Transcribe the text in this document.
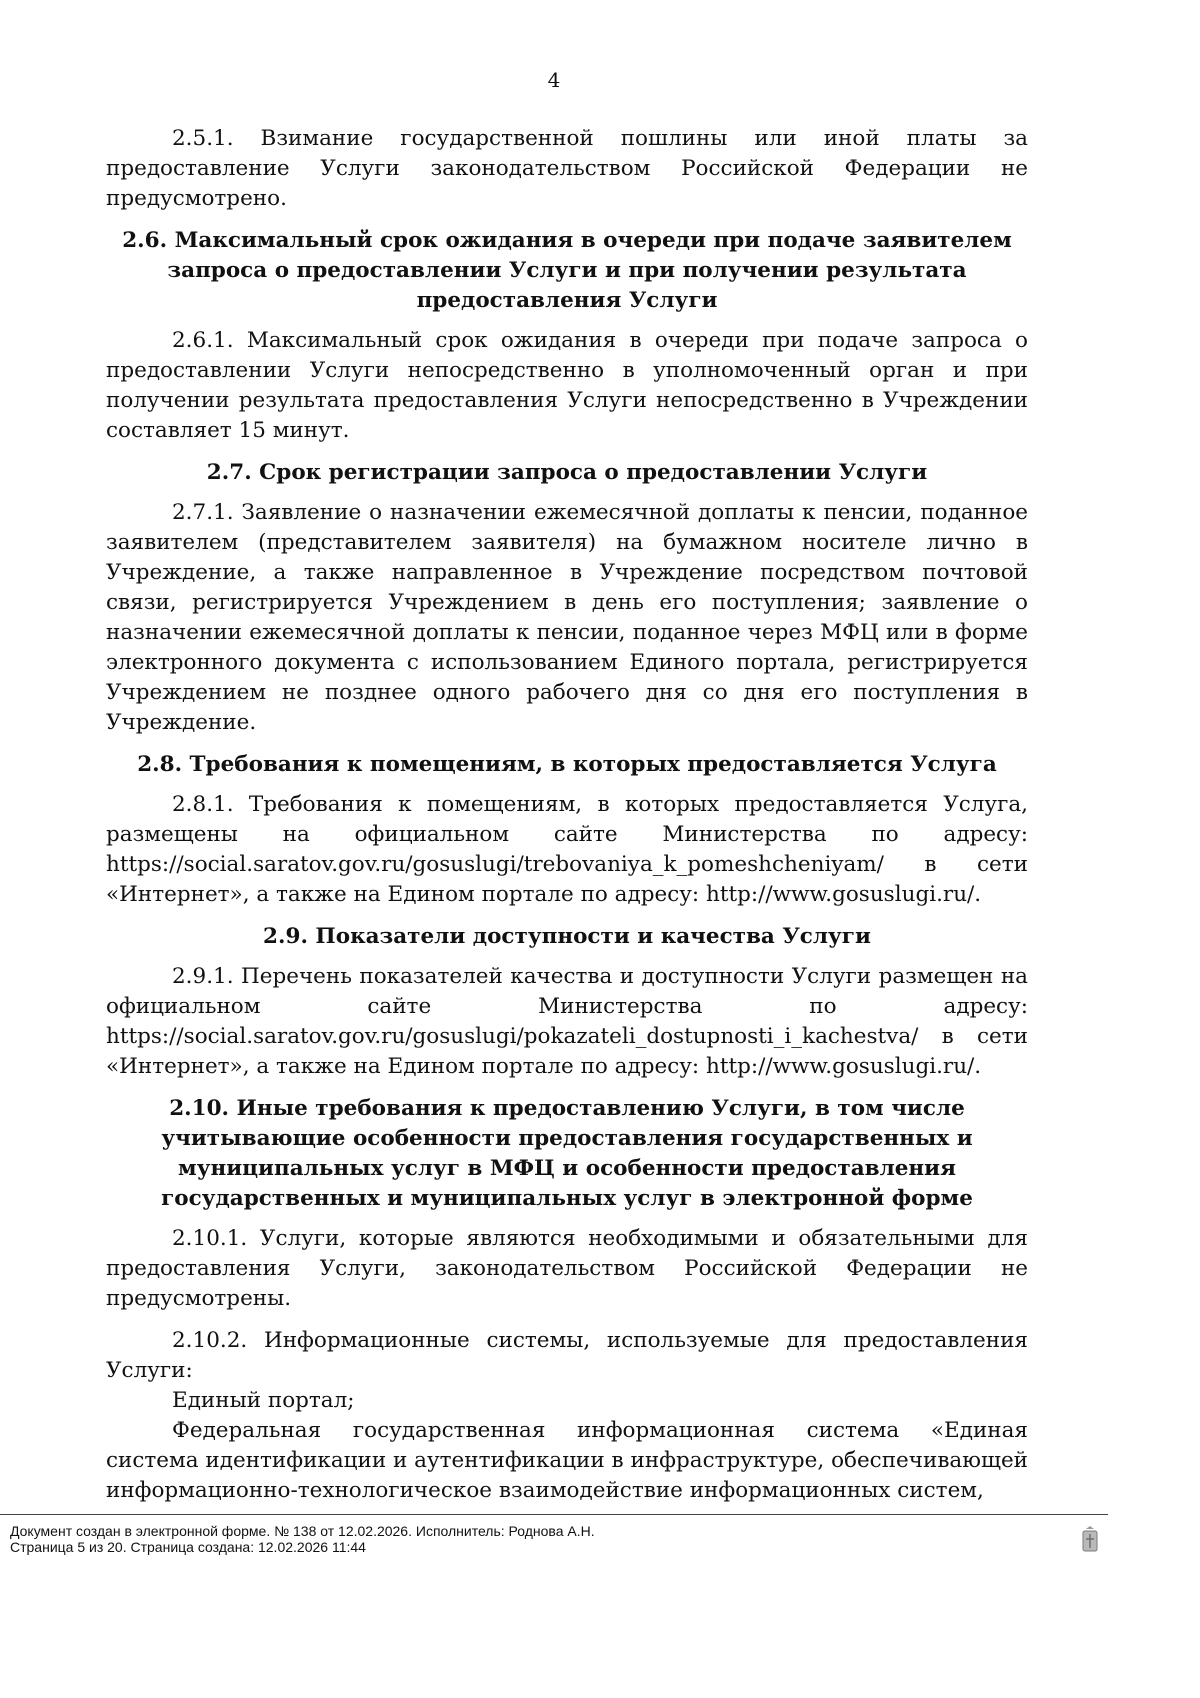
4

2.5.1. Взимание государственной пошлины или иной платы за предоставление Услуги законодательством Российской Федерации не предусмотрено.

2.6. Максимальный срок ожидания в очереди при подаче заявителем запроса о предоставлении Услуги и при получении результата предоставления Услуги

2.6.1. Максимальный срок ожидания в очереди при подаче запроса о предоставлении Услуги непосредственно в уполномоченный орган и при получении результата предоставления Услуги непосредственно в Учреждении составляет 15 минут.

2.7. Срок регистрации запроса о предоставлении Услуги

2.7.1. Заявление о назначении ежемесячной доплаты к пенсии, поданное заявителем (представителем заявителя) на бумажном носителе лично в Учреждение, а также направленное в Учреждение посредством почтовой связи, регистрируется Учреждением в день его поступления; заявление о назначении ежемесячной доплаты к пенсии, поданное через МФЦ или в форме электронного документа с использованием Единого портала, регистрируется Учреждением не позднее одного рабочего дня со дня его поступления в Учреждение.

2.8. Требования к помещениям, в которых предоставляется Услуга

2.8.1. Требования к помещениям, в которых предоставляется Услуга, размещены на официальном сайте Министерства по адресу: https://social.saratov.gov.ru/gosuslugi/trebovaniya_k_pomeshcheniyam/ в сети «Интернет», а также на Едином портале по адресу: http://www.gosuslugi.ru/.

2.9. Показатели доступности и качества Услуги

2.9.1. Перечень показателей качества и доступности Услуги размещен на официальном сайте Министерства по адресу: https://social.saratov.gov.ru/gosuslugi/pokazateli_dostupnosti_i_kachestva/ в сети «Интернет», а также на Едином портале по адресу: http://www.gosuslugi.ru/.

2.10. Иные требования к предоставлению Услуги, в том числе учитывающие особенности предоставления государственных и муниципальных услуг в МФЦ и особенности предоставления государственных и муниципальных услуг в электронной форме

2.10.1. Услуги, которые являются необходимыми и обязательными для предоставления Услуги, законодательством Российской Федерации не предусмотрены.

2.10.2. Информационные системы, используемые для предоставления Услуги:

Единый портал;

Федеральная государственная информационная система «Единая система идентификации и аутентификации в инфраструктуре, обеспечивающей информационно-технологическое взаимодействие информационных систем,

Документ создан в электронной форме. № 138 от 12.02.2026. Исполнитель: Роднова А.Н.

Страница 5 из 20. Страница создана: 12.02.2026 11:44
